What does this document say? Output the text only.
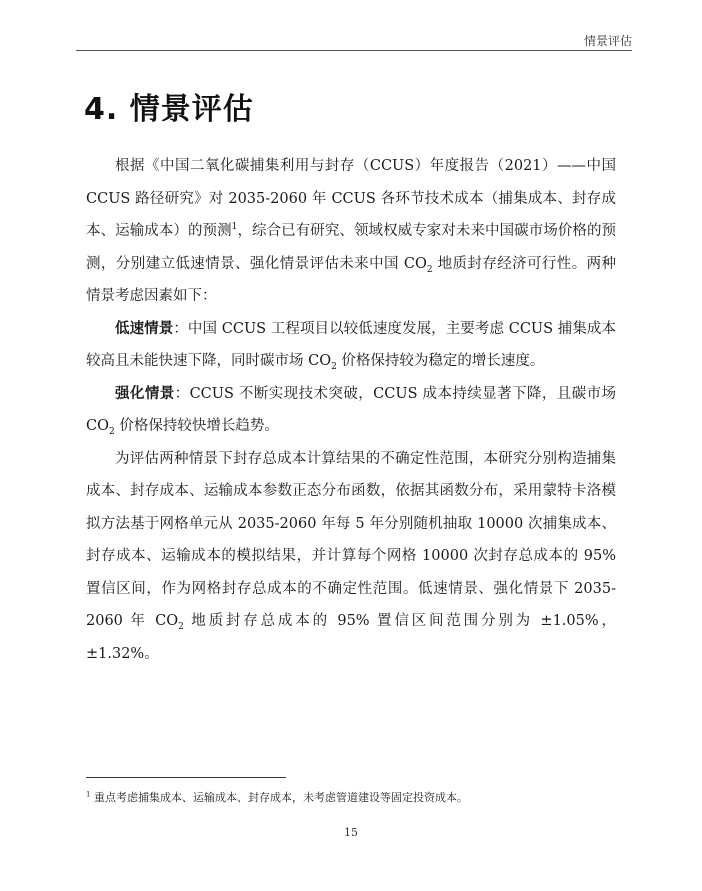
情景评估
4. 情景评估

根据《中国二氧化碳捕集利用与封存（CCUS）年度报告（2021）——中国 CCUS 路径研究》对 2035-2060 年 CCUS 各环节技术成本（捕集成本、封存成本、运输成本）的预测$^1$，综合已有研究、领域权威专家对未来中国碳市场价格的预测，分别建立低速情景、强化情景评估未来中国 $CO_2$ 地质封存经济可行性。两种情景考虑因素如下：

低速情景：中国 CCUS 工程项目以较低速度发展，主要考虑 CCUS 捕集成本较高且未能快速下降，同时碳市场 $CO_2$ 价格保持较为稳定的增长速度。

强化情景：CCUS 不断实现技术突破，CCUS 成本持续显著下降，且碳市场 $CO_2$ 价格保持较快增长趋势。

为评估两种情景下封存总成本计算结果的不确定性范围，本研究分别构造捕集成本、封存成本、运输成本参数正态分布函数，依据其函数分布，采用蒙特卡洛模拟方法基于网格单元从 2035-2060 年每 5 年分别随机抽取 10000 次捕集成本、封存成本、运输成本的模拟结果，并计算每个网格 10000 次封存总成本的 95% 置信区间，作为网格封存总成本的不确定性范围。低速情景、强化情景下 2035-2060 年 $CO_2$ 地质封存总成本的 95% 置信区间范围分别为 ±1.05%，±1.32%。

$^1$ 重点考虑捕集成本、运输成本、封存成本，未考虑管道建设等固定投资成本。
15
